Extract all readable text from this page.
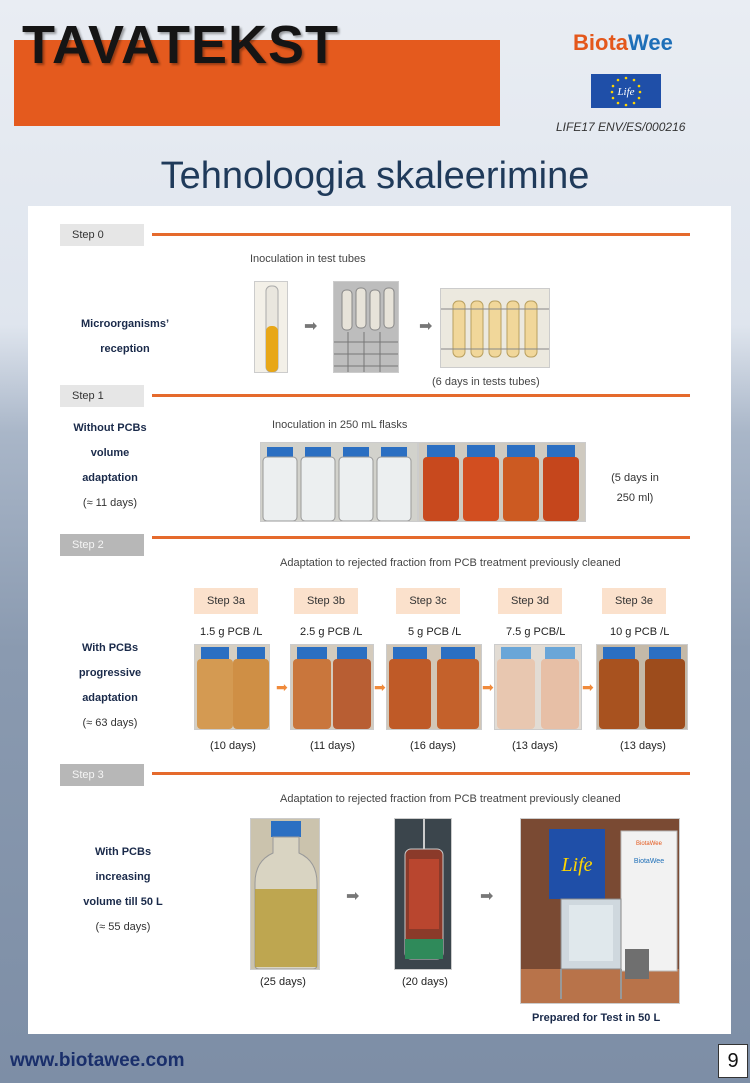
TAVATEKST	BiotaWee
Life
LIFE17 ENV/ES/000216
Tehnoloogia skaleerimine
Step 0
Inoculation in test tubes
Microorganisms’
reception
➡	➡
(6 days in tests tubes)
Step 1
Inoculation in 250 mL flasks
Without PCBs
volume
adaptation
(≈ 11 days)
(5 days in
250 ml)
Step 2
Adaptation to rejected fraction from PCB treatment previously cleaned
With PCBs
progressive
adaptation
(≈ 63 days)
Step 3a
1.5 g PCB /L
(10 days)
➡
Step 3b
2.5 g PCB /L
(11 days)
➡
Step 3c
5 g PCB /L
(16 days)
➡
Step 3d
7.5 g PCB/L
(13 days)
➡
Step 3e
10 g PCB /L
(13 days)
Step 3
Adaptation to rejected fraction from PCB treatment previously cleaned
With PCBs
increasing
volume till 50 L
(≈ 55 days)
(25 days)
➡
(20 days)
➡
Life
BiotaWee
BiotaWee
Prepared for Test in 50 L
www.biotawee.com	9
